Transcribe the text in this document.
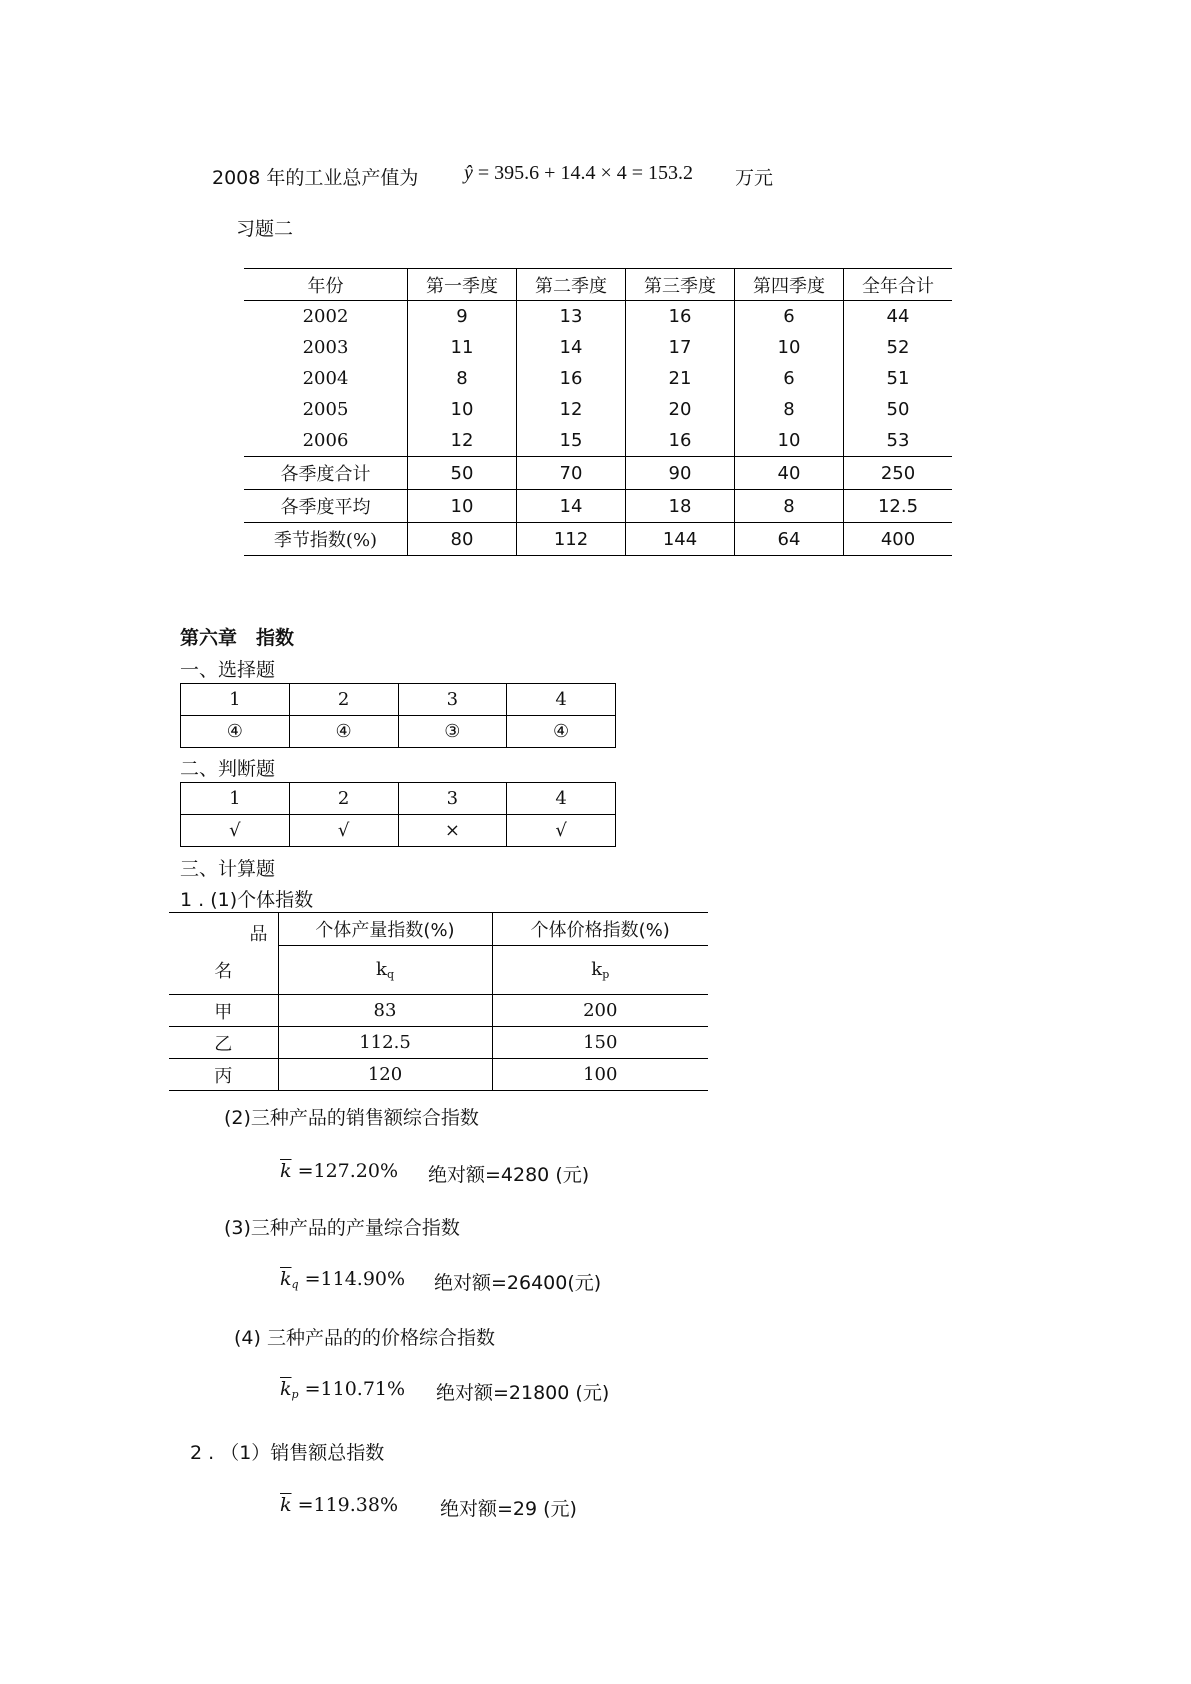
2008 年的工业总产值为 ŷ = 395.6 + 14.4 × 4 = 153.2 万元
习题二
年份	第一季度	第二季度	第三季度	第四季度	全年合计
2002	9	13	16	6	44
2003	11	14	17	10	52
2004	8	16	21	6	51
2005	10	12	20	8	50
2006	12	15	16	10	53
各季度合计	50	70	90	40	250
各季度平均	10	14	18	8	12.5
季节指数(%)	80	112	144	64	400
第六章　指数
一、选择题
1	2	3	4
④	④	③	④
二、判断题
1	2	3	4
√	√	×	√
三、计算题
1 . (1)个体指数
品	个体产量指数(%)	个体价格指数(%)
名	$k_q$	$k_p$
甲	83	200
乙	112.5	150
丙	120	100
(2)三种产品的销售额综合指数
$\overline{k} =127.20\%$ 绝对额=4280 (元)
(3)三种产品的产量综合指数
$\overline{k}_q =114.90\%$ 绝对额=26400(元)
(4) 三种产品的的价格综合指数
$\overline{k}_p =110.71\%$ 绝对额=21800 (元)
2 . （1）销售额总指数
$\overline{k} =119.38\%$ 绝对额=29 (元)
